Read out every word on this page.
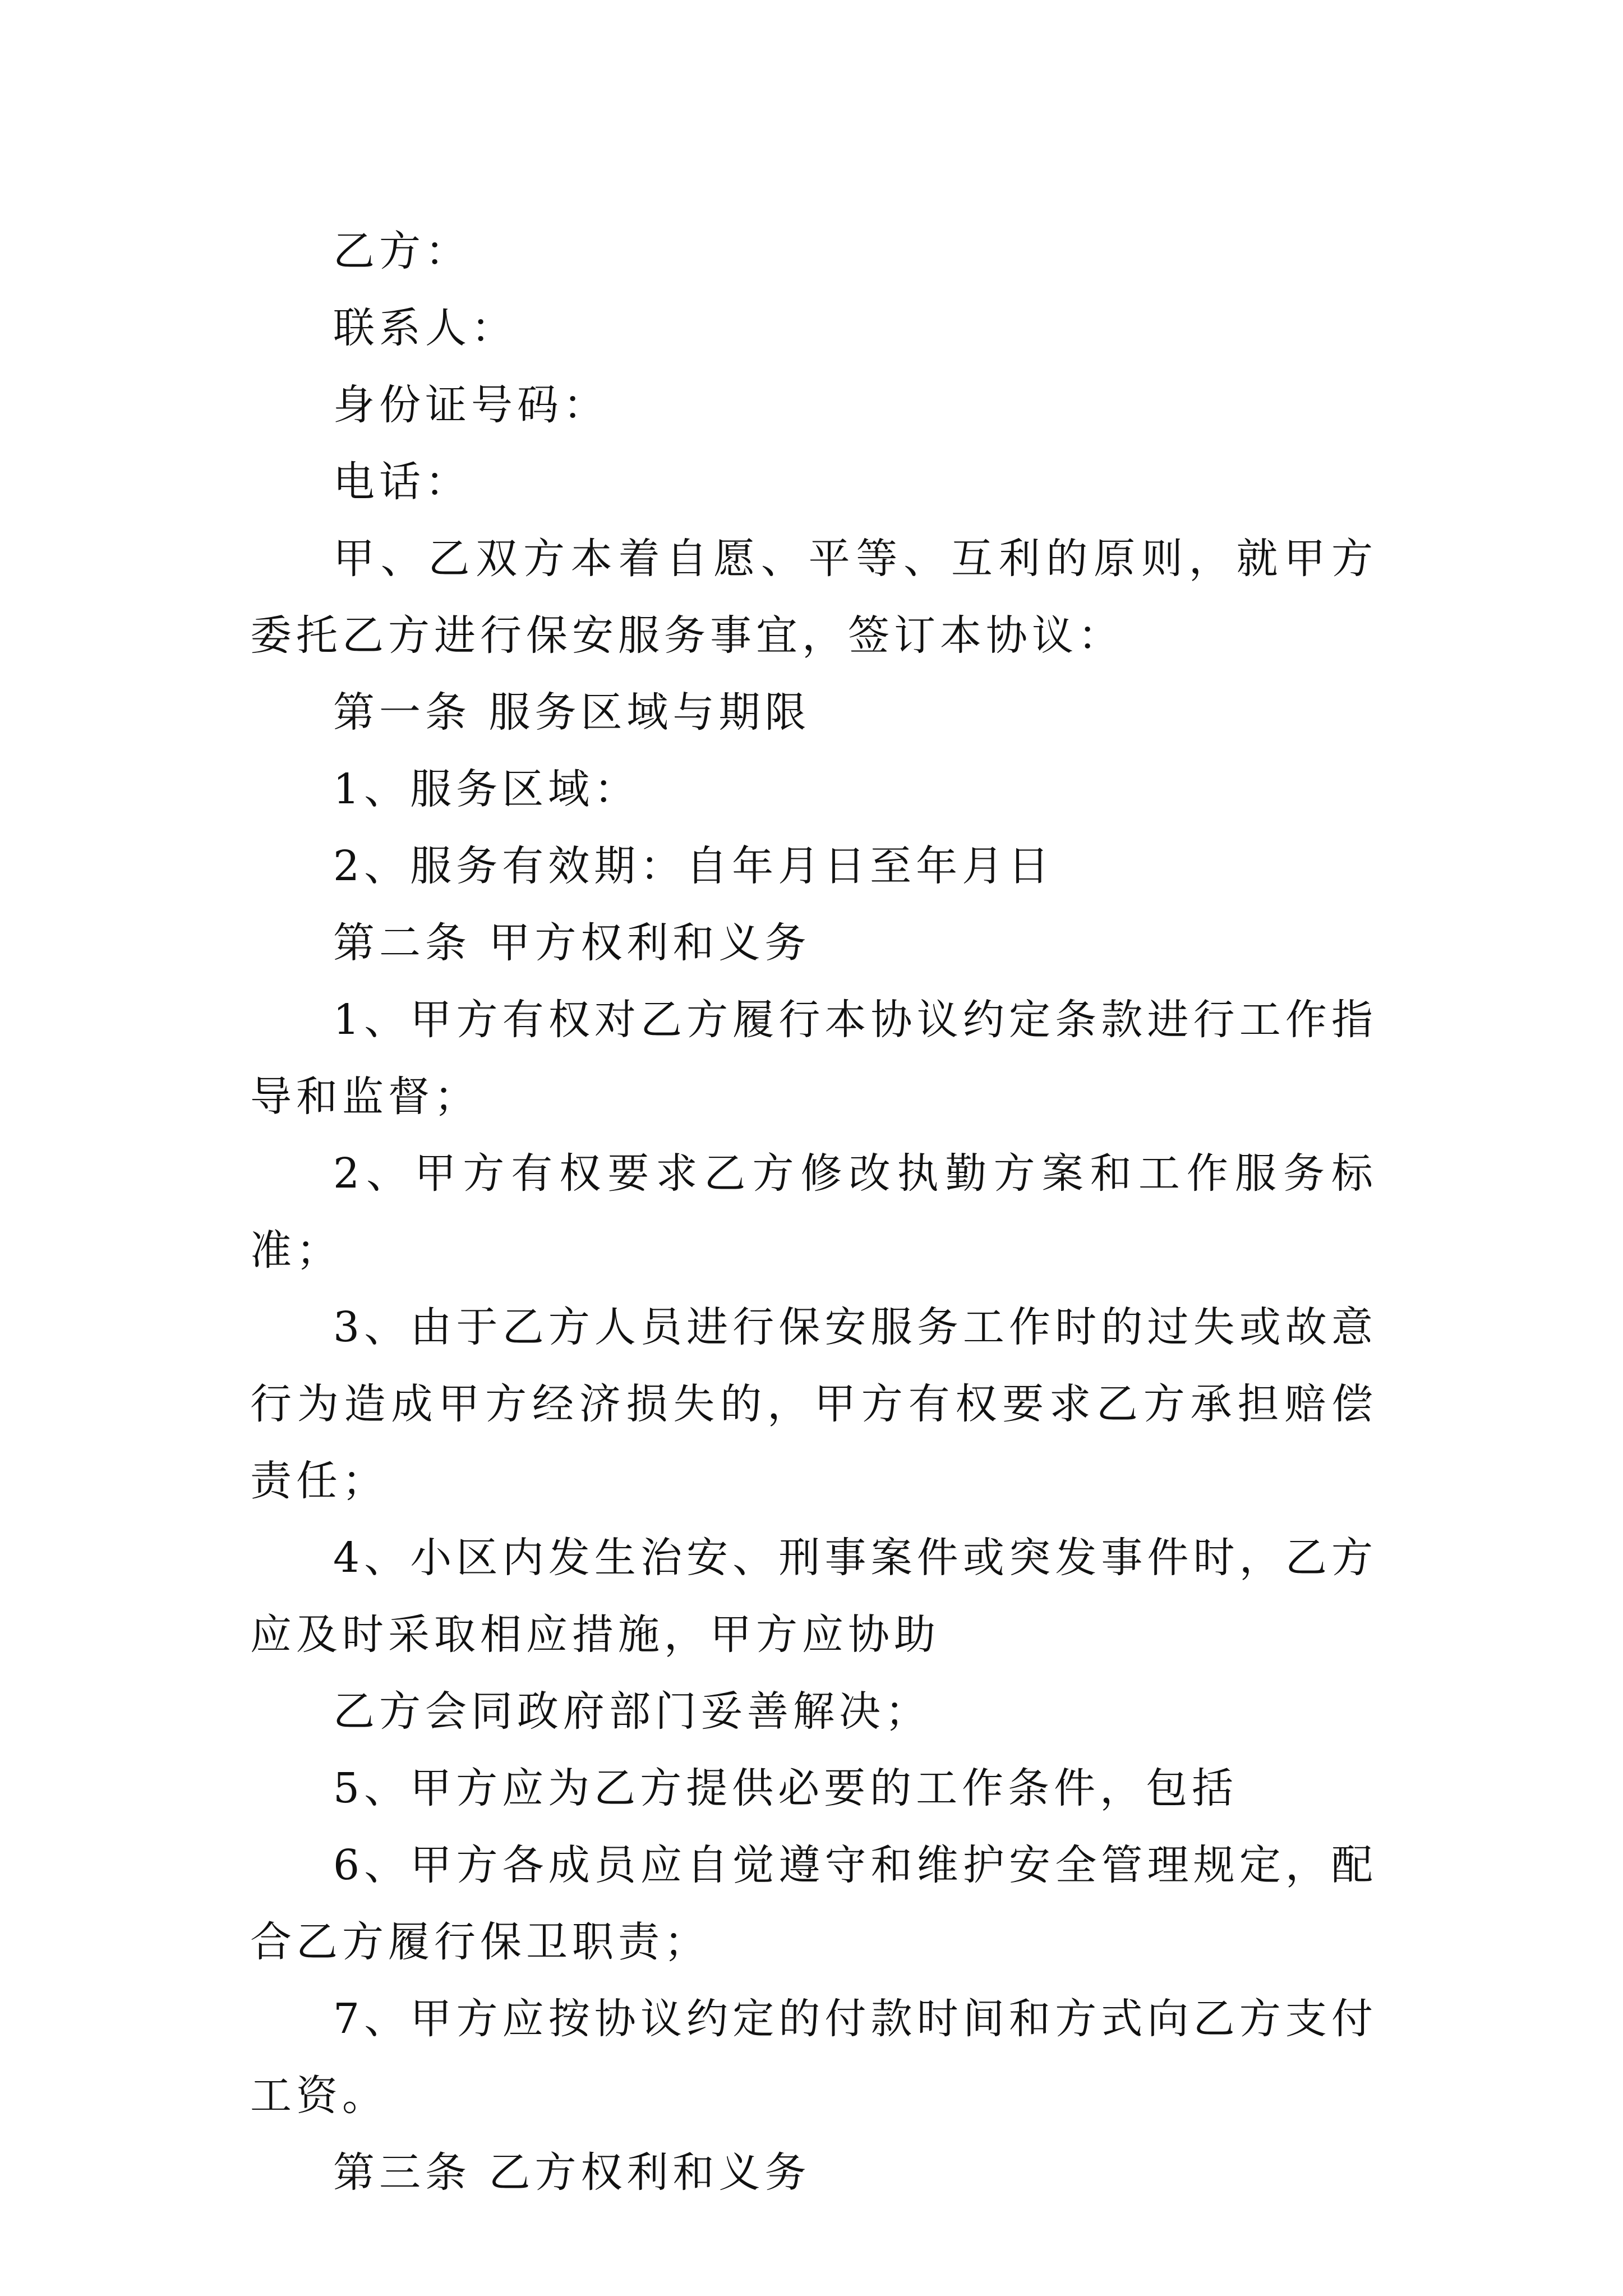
乙方：

联系人：

身份证号码：

电话：

甲、乙双方本着自愿、平等、互利的原则，就甲方委托乙方进行保安服务事宜，签订本协议：

第一条 服务区域与期限

1、服务区域：

2、服务有效期：自年月日至年月日

第二条 甲方权利和义务

1、甲方有权对乙方履行本协议约定条款进行工作指导和监督；

2、甲方有权要求乙方修改执勤方案和工作服务标准；

3、由于乙方人员进行保安服务工作时的过失或故意行为造成甲方经济损失的，甲方有权要求乙方承担赔偿责任；

4、小区内发生治安、刑事案件或突发事件时，乙方应及时采取相应措施，甲方应协助

乙方会同政府部门妥善解决；

5、甲方应为乙方提供必要的工作条件，包括

6、甲方各成员应自觉遵守和维护安全管理规定，配合乙方履行保卫职责；

7、甲方应按协议约定的付款时间和方式向乙方支付工资。

第三条 乙方权利和义务
